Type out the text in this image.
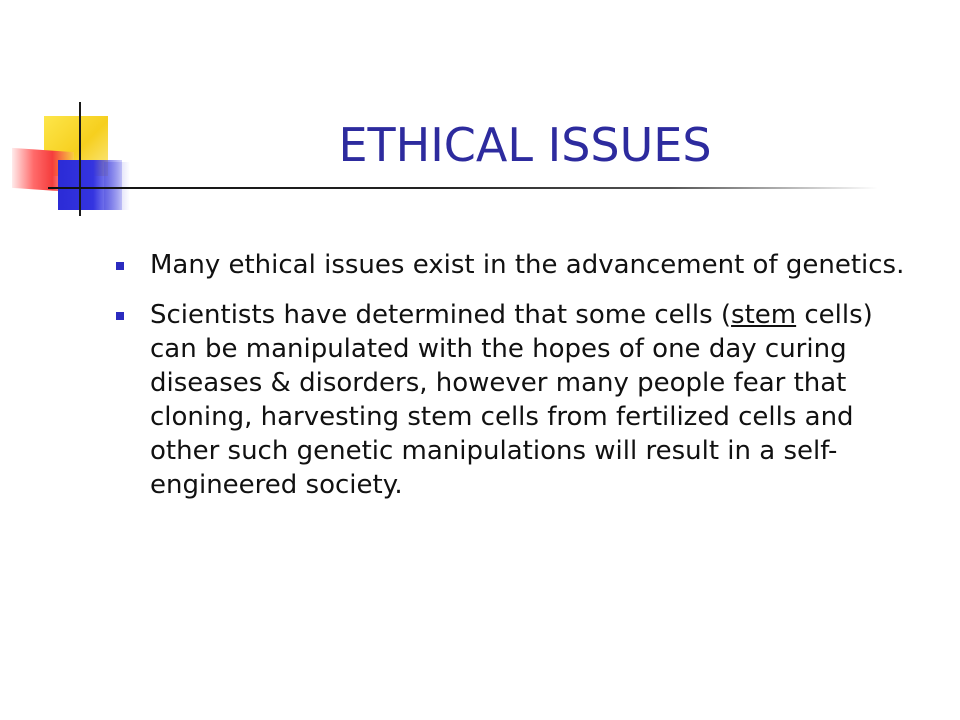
ETHICAL ISSUES
Many ethical issues exist in the advancement of genetics.
Scientists have determined that some cells (stem cells) can be manipulated with the hopes of one day curing diseases & disorders, however many people fear that cloning, harvesting stem cells from fertilized cells and other such genetic manipulations will result in a self-engineered society.
